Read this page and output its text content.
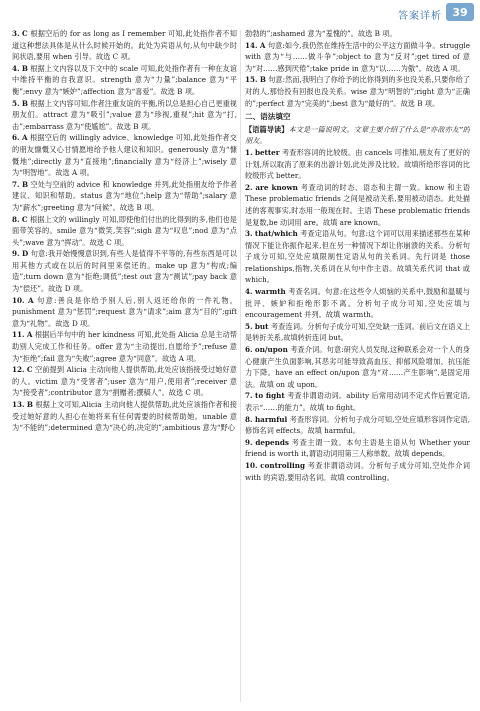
答案详析 39

3. C 根据空后的 for as long as I remember 可知,此处指作者不知道这种想法具体是从什么时候开始的。此处为宾语从句,从句中缺少时间状语,要用 when 引导。故选 C 项。

4. B 根据上文内容以及下文中的 scale 可知,此处指作者有一种在友谊中维持平衡的自我意识。strength 意为“力量”;balance 意为“平衡”;envy 意为“嫉妒”;affection 意为“喜爱”。故选 B 项。

5. B 根据上文内容可知,作者注重友谊的平衡,所以总是担心自己更重视朋友们。attract 意为“吸引”;value 意为“珍视,重视”;hit 意为“打,击”;embarrass 意为“使尴尬”。故选 B 项。

6. A 根据空后的 willingly advice、knowledge 可知,此处指作者交的朋友慷慨又心甘情愿地给予他人建议和知识。generously 意为“慷慨地”;directly 意为“直接地”;financially 意为“经济上”;wisely 意为“明智地”。故选 A 项。

7. B 空处与空前的 advice 和 knowledge 并列,此处指朋友给予作者建议、知识和帮助。status 意为“地位”;help 意为“帮助”;salary 意为“薪水”;greeting 意为“问候”。故选 B 项。

8. C 根据上文的 willingly 可知,即使他们付出的比得到的多,他们也是面带笑容的。smile 意为“微笑,笑容”;sigh 意为“叹息”;nod 意为“点头”;wave 意为“挥动”。故选 C 项。

9. D 句意:我开始慢慢意识到,有些人是值得不平等的,有些东西是可以用其他方式或在以后的时间里来偿还的。make up 意为“构成;编造”;turn down 意为“拒绝;调低”;test out 意为“测试”;pay back 意为“偿还”。故选 D 项。

10. A 句意:善良是你给予别人后,别人返还给你的一件礼物。punishment 意为“惩罚”;request 意为“请求”;aim 意为“目的”;gift 意为“礼物”。故选 D 项。

11. A 根据后半句中的 her kindness 可知,此处指 Alicia 总是主动帮助别人完成工作和任务。offer 意为“主动提出,自愿给予”;refuse 意为“拒绝”;fail 意为“失败”;agree 意为“同意”。故选 A 项。

12. C 空前提到 Alicia 主动向他人提供帮助,此处应该指接受过她好意的人。victim 意为“受害者”;user 意为“用户,使用者”;receiver 意为“接受者”;contributor 意为“捐赠者;撰稿人”。故选 C 项。

13. B 根据上文可知,Alicia 主动向他人提供帮助,此处应该指作者和接受过她好意的人担心在她将来有任何需要的时候帮助她。unable 意为“不能的”;determined 意为“决心的,决定的”;ambitious 意为“野心

勃勃的”;ashamed 意为“羞愧的”。故选 B 项。

14. A 句意:如今,我仍然在维持生活中的公平这方面做斗争。struggle with 意为“与……做斗争”;object to 意为“反对”;get tired of 意为“对……感到厌倦”;take pride in 意为“以……为傲”。故选 A 项。

15. B 句意:然而,我明白了你给予的比你得到的多也没关系,只要你给了对的人,那恰投有回报也没关系。wise 意为“明智的”;right 意为“正确的”;perfect 意为“完美的”;best 意为“最好的”。故选 B 项。

二、语法填空

【语篇导读】本文是一篇说明文。文章主要介绍了什么是“亦敌亦友”的朋友。

1. better 考查形容词的比较级。由 cancels 可推知,朋友有了更好的计划,所以取消了原来的出游计划,此处涉及比较。故填所给形容词的比较级形式 better。

2. are known 考查动词的时态、语态和主谓一致。know 和主语 These problematic friends 之间是被动关系,要用被动语态。此处描述的客观事实,时态用一般现在时。主语 These problematic friends 是复数,be 动词用 are。故填 are known。

3. that/which 考查定语从句。句意:这个词可以用来描述那些在某种情况下能让你振作起来,但在另一种情况下却让你崩溃的关系。分析句子成分可知,空处应填限制性定语从句的关系词。先行词是 those relationships,指物,关系词在从句中作主语。故填关系代词 that 或 which。

4. warmth 考查名词。句意:在这些令人烦恼的关系中,鼓励和温暖与批评、嫉妒和拒绝形影不离。分析句子成分可知,空处应填与 encouragement 并列。故填 warmth。

5. but 考查连词。分析句子成分可知,空处缺一连词。前后文在语义上是转折关系,故填转折连词 but。

6. on/upon 考查介词。句意:研究人员发现,这种联系会对一个人的身心健康产生负面影响,其恶劣可能导致高血压、抑郁风险增加、抗压能力下降。have an effect on/upon 意为“对……产生影响”,是固定用法。故填 on 或 upon。

7. to fight 考查非谓语动词。ability 后常用动词不定式作后置定语,表示“……的能力”。故填 to fight。

8. harmful 考查形容词。分析句子成分可知,空处应填形容词作定语,修饰名词 effects。故填 harmful。

9. depends 考查主谓一致。本句主语是主语从句 Whether your friend is worth it,谓语动词用第三人称单数。故填 depends。

10. controlling 考查非谓语动词。分析句子成分可知,空处作介词 with 的宾语,要用动名词。故填 controlling。
